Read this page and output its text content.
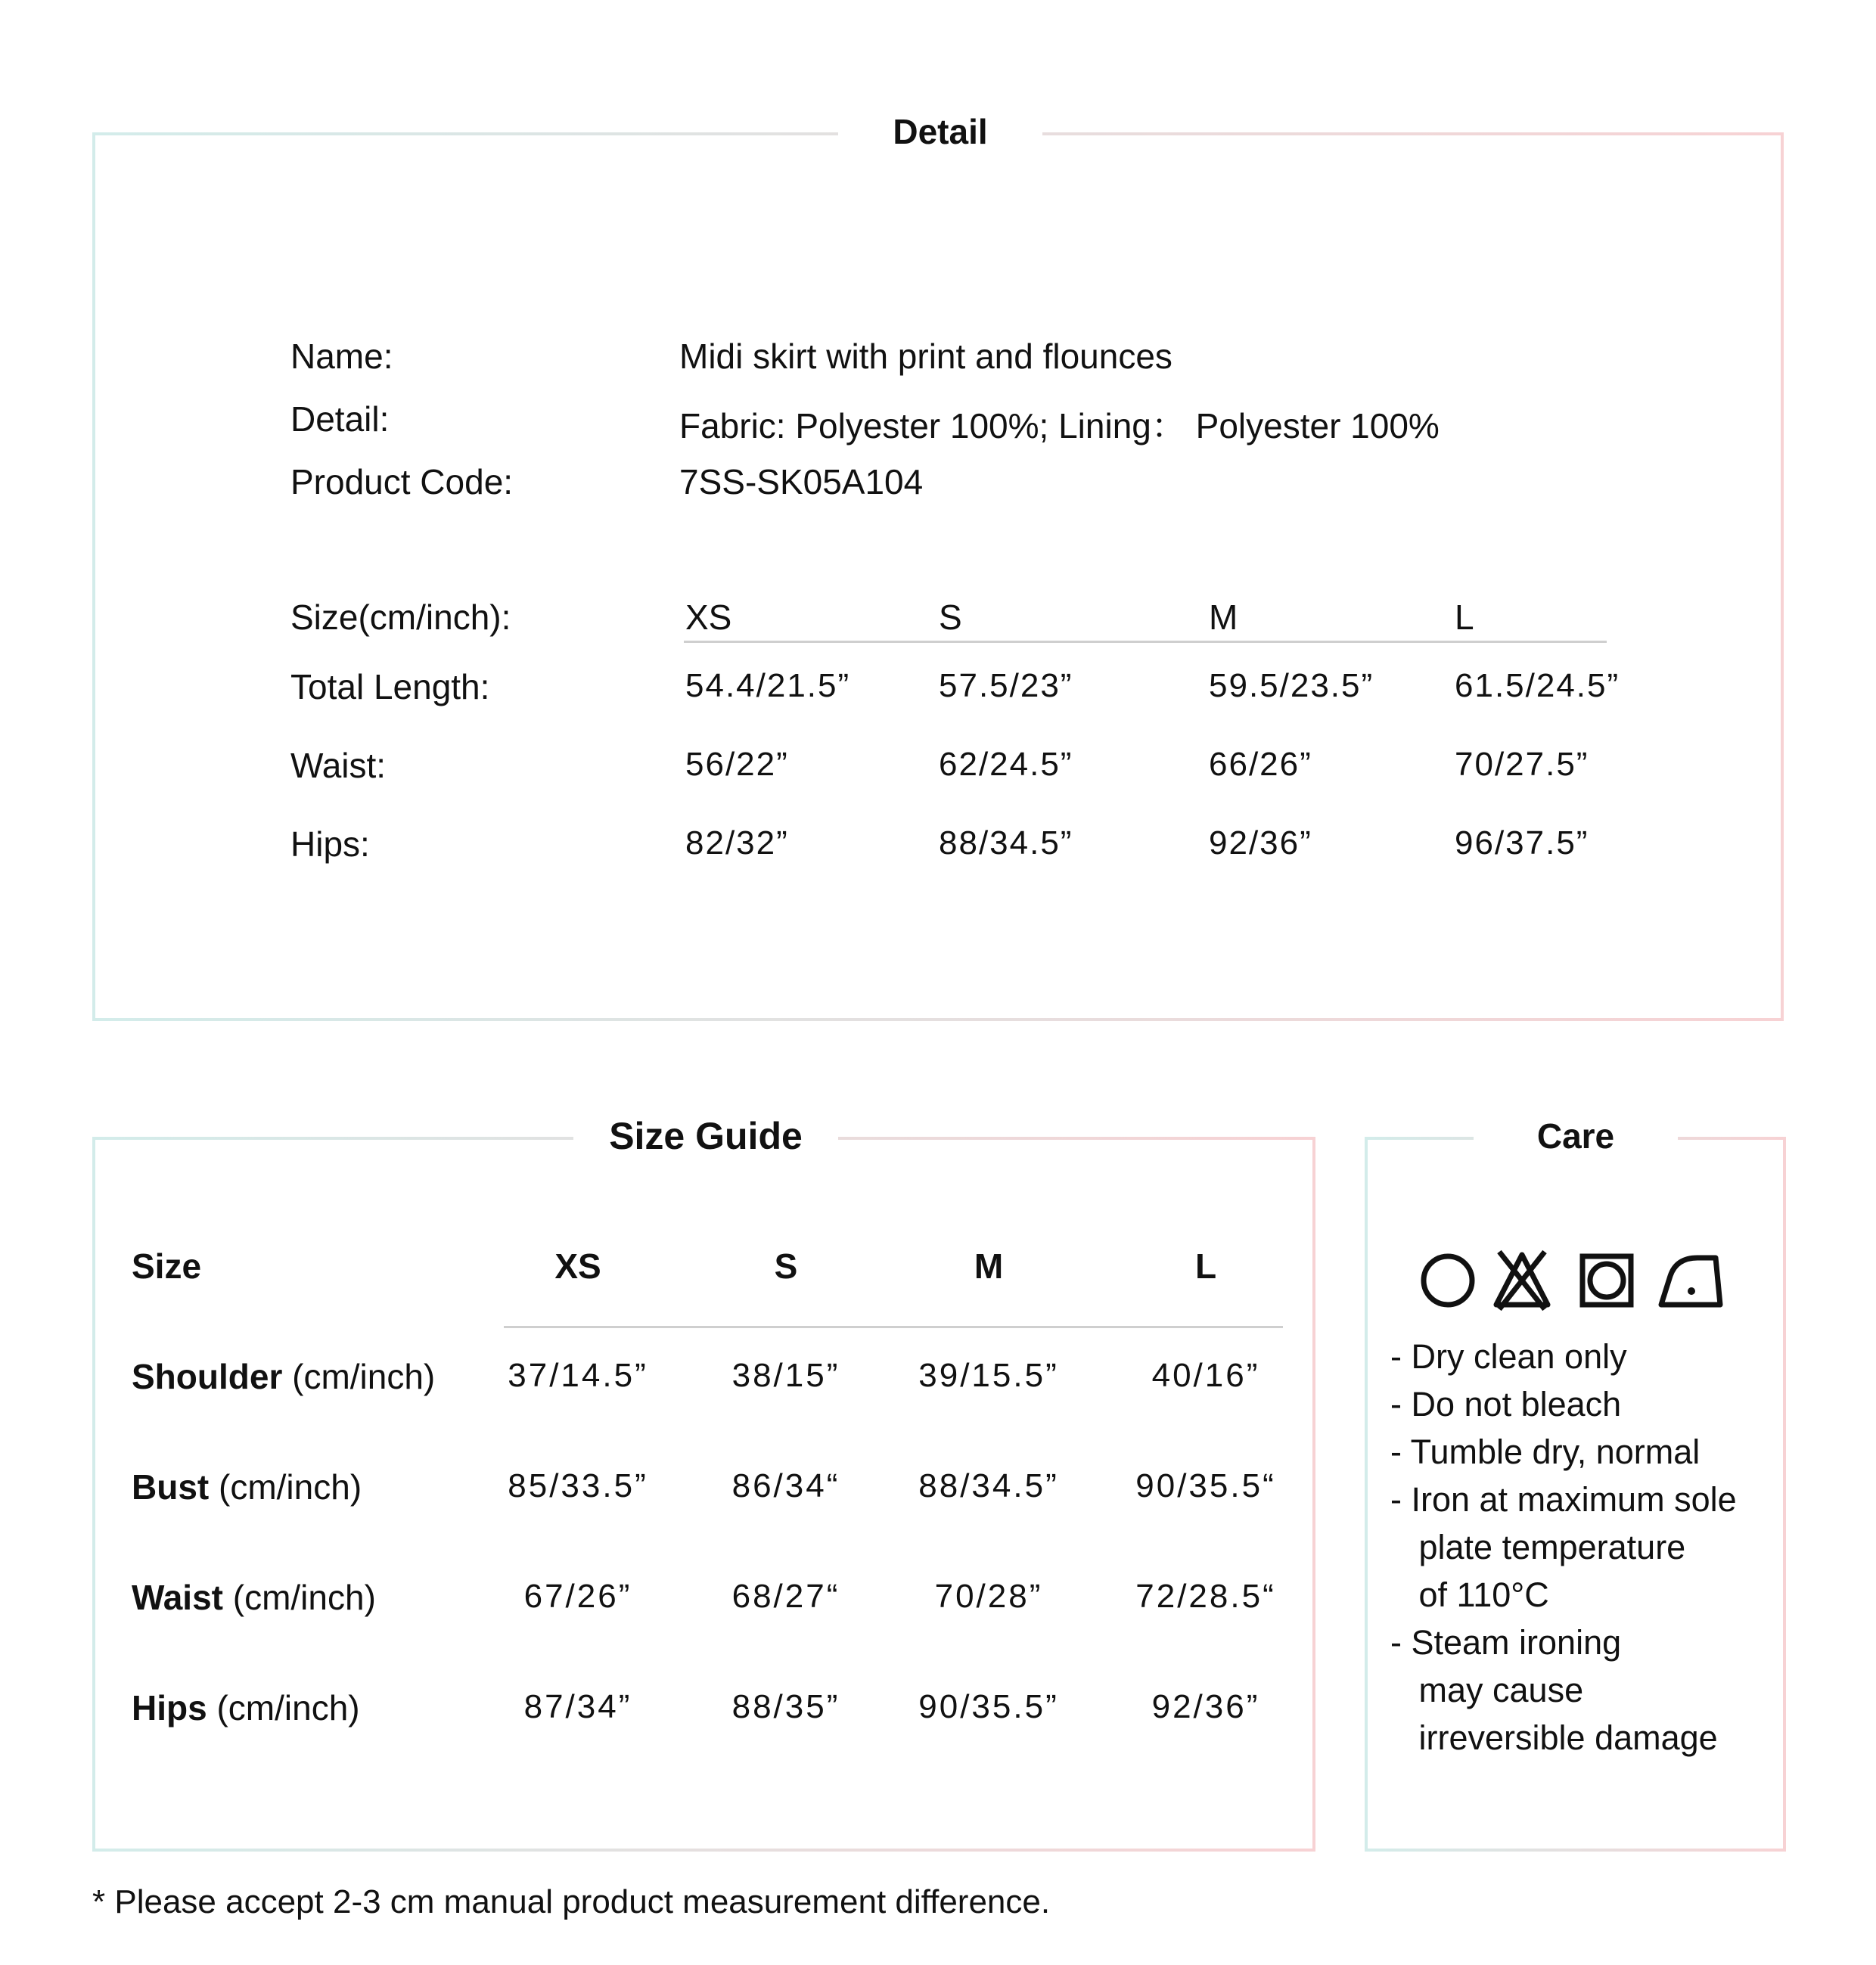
Detail
Name:	Midi skirt with print and flounces
Detail:	Fabric: Polyester 100%; Lining： Polyester 100%
Product Code:	7SS-SK05A104
Size(cm/inch):	XS	S	M	L
Total Length:	54.4/21.5”	57.5/23”	59.5/23.5” 61.5/24.5”
Waist:	56/22”	62/24.5”	66/26”	70/27.5”
Hips:	82/32”	88/34.5”	92/36”	96/37.5”
Size Guide
Size	XS	S	M	L
Shoulder (cm/inch)	37/14.5”	38/15”	39/15.5”	40/16”
Bust (cm/inch)	85/33.5”	86/34“	88/34.5”	90/35.5“
Waist (cm/inch)	67/26”	68/27“	70/28”	72/28.5“
Hips (cm/inch)	87/34”	88/35”	90/35.5”	92/36”
Care
- Dry clean only
- Do not bleach
- Tumble dry, normal
- Iron at maximum sole
plate temperature
of 110°C
- Steam ironing
may cause
irreversible damage
* Please accept 2-3 cm manual product measurement difference.
